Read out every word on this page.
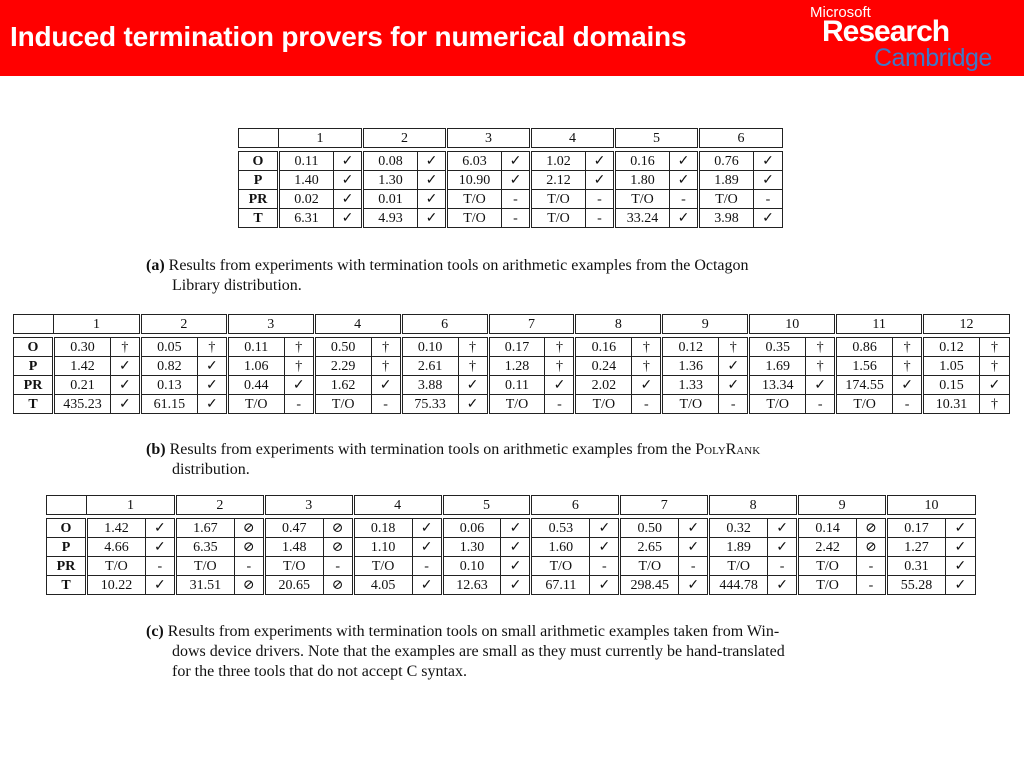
Induced termination provers for numerical domains
Microsoft
Research
Cambridge
	1		2		3		4		5		6	

O	0.11	✓	0.08	✓	6.03	✓	1.02	✓	0.16	✓	0.76	✓
P	1.40	✓	1.30	✓	10.90	✓	2.12	✓	1.80	✓	1.89	✓
PR	0.02	✓	0.01	✓	T/O	-	T/O	-	T/O	-	T/O	-
T	6.31	✓	4.93	✓	T/O	-	T/O	-	33.24	✓	3.98	✓
(a) Results from experiments with termination tools on arithmetic examples from the Octagon
Library distribution.
	1		2		3		4		6		7		8		9		10		11		12	

O	0.30	†	0.05	†	0.11	†	0.50	†	0.10	†	0.17	†	0.16	†	0.12	†	0.35	†	0.86	†	0.12	†
P	1.42	✓	0.82	✓	1.06	†	2.29	†	2.61	†	1.28	†	0.24	†	1.36	✓	1.69	†	1.56	†	1.05	†
PR	0.21	✓	0.13	✓	0.44	✓	1.62	✓	3.88	✓	0.11	✓	2.02	✓	1.33	✓	13.34	✓	174.55	✓	0.15	✓
T	435.23	✓	61.15	✓	T/O	-	T/O	-	75.33	✓	T/O	-	T/O	-	T/O	-	T/O	-	T/O	-	10.31	†
(b) Results from experiments with termination tools on arithmetic examples from the PolyRank
distribution.
	1		2		3		4		5		6		7		8		9		10	

O	1.42	✓	1.67	⊘	0.47	⊘	0.18	✓	0.06	✓	0.53	✓	0.50	✓	0.32	✓	0.14	⊘	0.17	✓
P	4.66	✓	6.35	⊘	1.48	⊘	1.10	✓	1.30	✓	1.60	✓	2.65	✓	1.89	✓	2.42	⊘	1.27	✓
PR	T/O	-	T/O	-	T/O	-	T/O	-	0.10	✓	T/O	-	T/O	-	T/O	-	T/O	-	0.31	✓
T	10.22	✓	31.51	⊘	20.65	⊘	4.05	✓	12.63	✓	67.11	✓	298.45	✓	444.78	✓	T/O	-	55.28	✓
(c) Results from experiments with termination tools on small arithmetic examples taken from Win-
dows device drivers. Note that the examples are small as they must currently be hand-translated
for the three tools that do not accept C syntax.
